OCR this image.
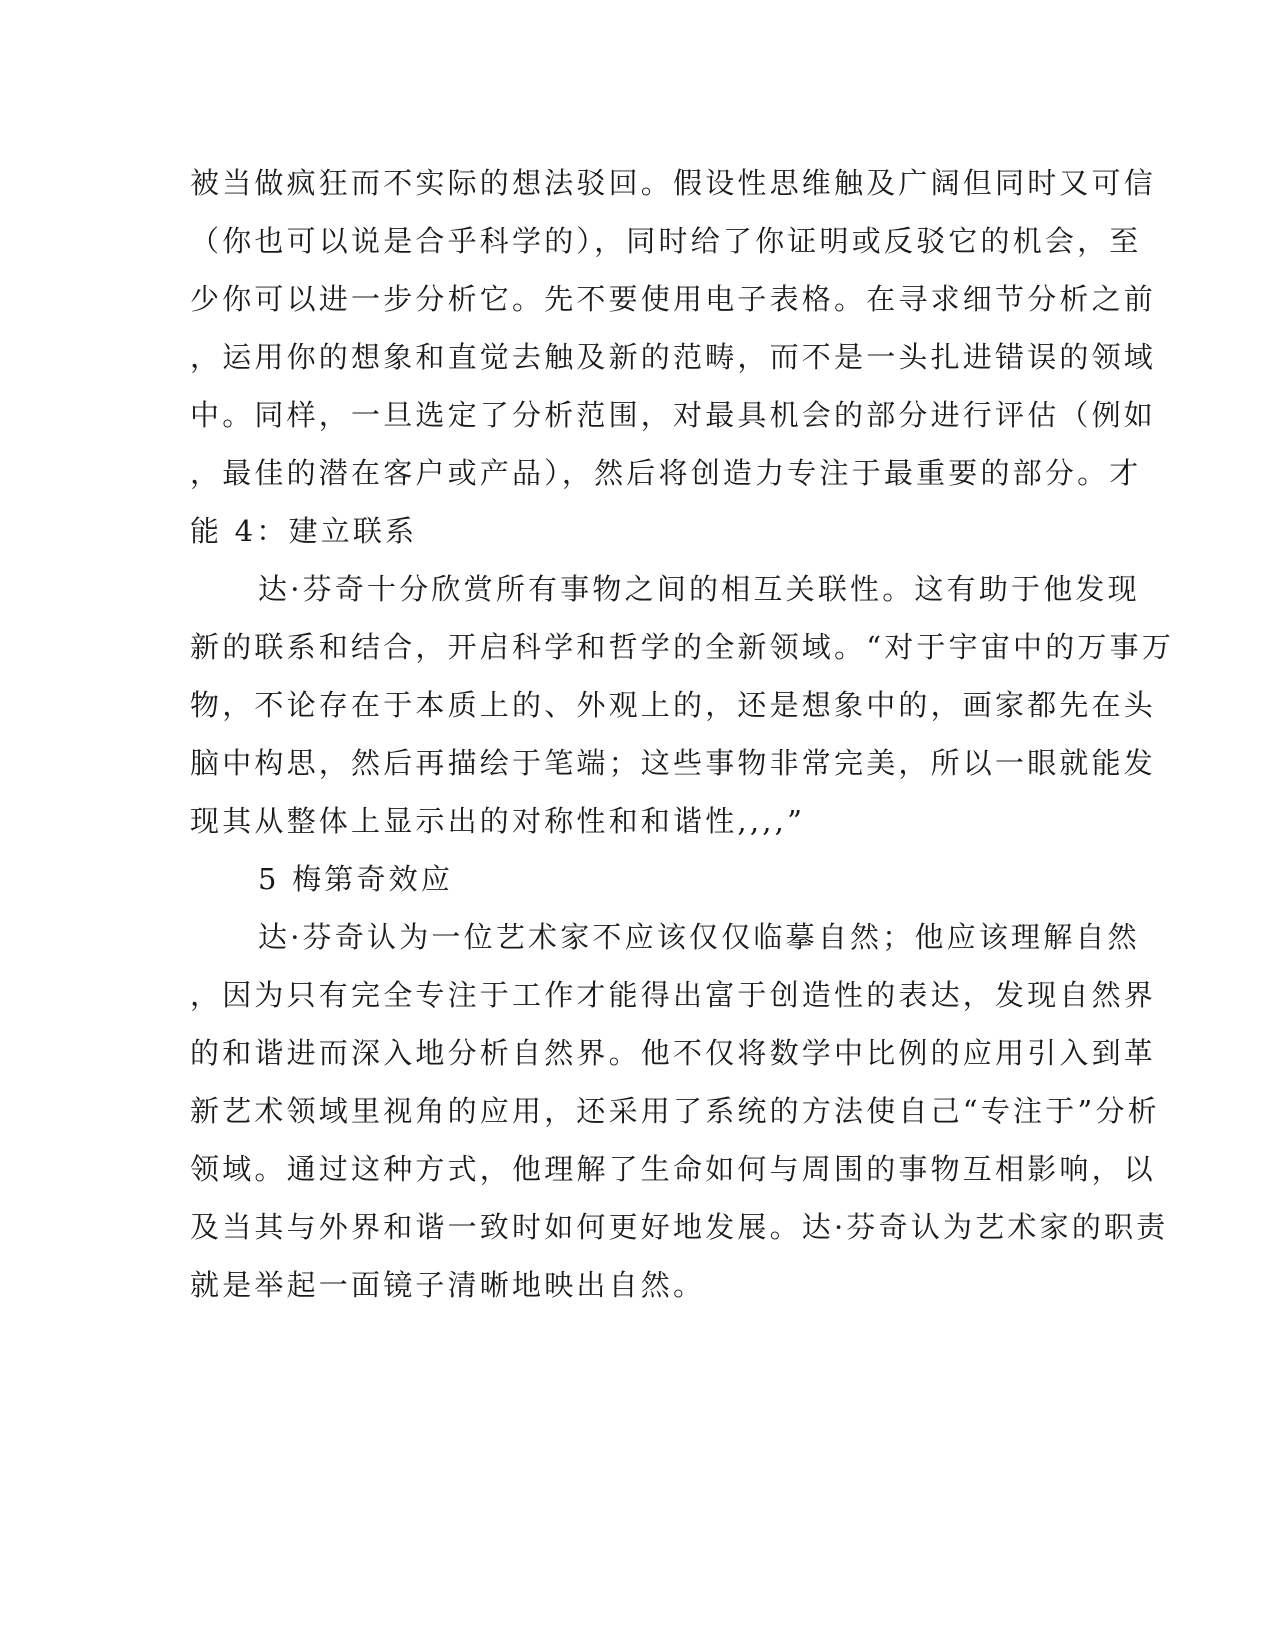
被当做疯狂而不实际的想法驳回。假设性思维触及广阔但同时又可信

（你也可以说是合乎科学的），同时给了你证明或反驳它的机会，至

少你可以进一步分析它。先不要使用电子表格。在寻求细节分析之前

，运用你的想象和直觉去触及新的范畴，而不是一头扎进错误的领域

中。同样，一旦选定了分析范围，对最具机会的部分进行评估（例如

，最佳的潜在客户或产品），然后将创造力专注于最重要的部分。才

能 4：建立联系

达·芬奇十分欣赏所有事物之间的相互关联性。这有助于他发现

新的联系和结合，开启科学和哲学的全新领域。“对于宇宙中的万事万

物，不论存在于本质上的、外观上的，还是想象中的，画家都先在头

脑中构思，然后再描绘于笔端；这些事物非常完美，所以一眼就能发

现其从整体上显示出的对称性和和谐性,,,,”

5 梅第奇效应

达·芬奇认为一位艺术家不应该仅仅临摹自然；他应该理解自然

，因为只有完全专注于工作才能得出富于创造性的表达，发现自然界

的和谐进而深入地分析自然界。他不仅将数学中比例的应用引入到革

新艺术领域里视角的应用，还采用了系统的方法使自己“专注于”分析

领域。通过这种方式，他理解了生命如何与周围的事物互相影响，以

及当其与外界和谐一致时如何更好地发展。达·芬奇认为艺术家的职责

就是举起一面镜子清晰地映出自然。
